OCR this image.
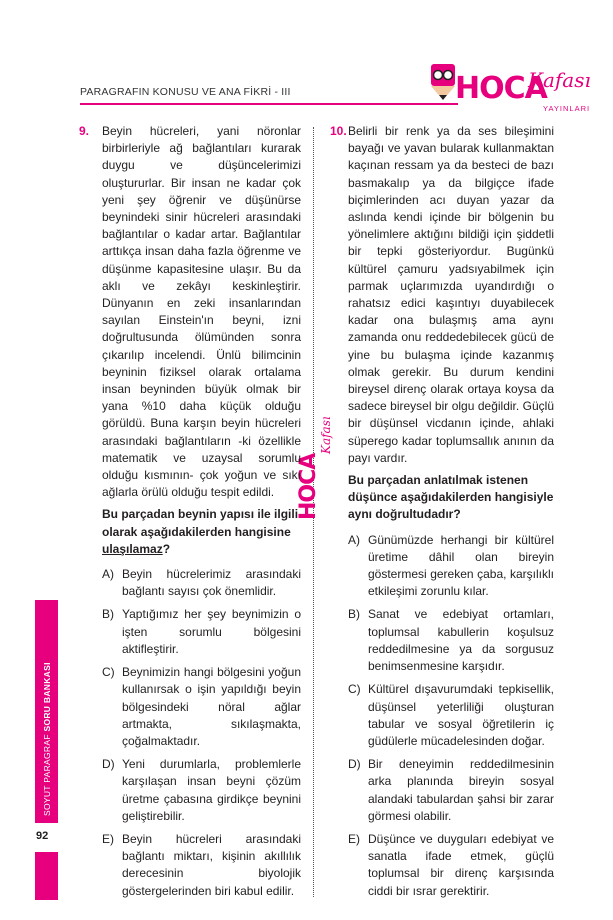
PARAGRAFIN KONUSU VE ANA FİKRİ - III	HOCA
Kafası
YAYINLARI
HOCA
Kafası
9.	Beyin hücreleri, yani nöronlar birbirleriyle ağ bağlantıları kurarak duygu ve düşüncelerimizi oluştururlar. Bir insan ne kadar çok yeni şey öğrenir ve düşünürse beynindeki sinir hücreleri arasındaki bağlantılar o kadar artar. Bağlantılar arttıkça insan daha fazla öğrenme ve düşünme kapasitesine ulaşır. Bu da aklı ve zekâyı keskinleştirir. Dünyanın en zeki insanlarından sayılan Einstein'ın beyni, izni doğrultusunda ölümünden sonra çıkarılıp incelendi. Ünlü bilimcinin beyninin fiziksel olarak ortalama insan beyninden büyük olmak bir yana %10 daha küçük olduğu görüldü. Buna karşın beyin hücreleri arasındaki bağlantıların -ki özellikle matematik ve uzaysal sorumlu olduğu kısmının- çok yoğun ve sıkı ağlarla örülü olduğu tespit edildi.

Bu parçadan beynin yapısı ile ilgili olarak aşağıdakilerden hangisine ulaşılamaz?

A) Beyin hücrelerimiz arasındaki bağlantı sayısı çok önemlidir.
B) Yaptığımız her şey beynimizin o işten sorumlu bölgesini aktifleştirir.
C) Beynimizin hangi bölgesini yoğun kullanırsak o işin yapıldığı beyin bölgesindeki nöral ağlar artmakta, sıkılaşmakta, çoğalmaktadır.
D) Yeni durumlarla, problemlerle karşılaşan insan beyni çözüm üretme çabasına girdikçe beynini geliştirebilir.
E) Beyin hücreleri arasındaki bağlantı miktarı, kişinin akıllılık derecesinin biyolojik göstergelerinden biri kabul edilir.
10. Belirli bir renk ya da ses bileşimini bayağı ve yavan bularak kullanmaktan kaçınan ressam ya da besteci de bazı basmakalıp ya da bilgiçce ifade biçimlerinden acı duyan yazar da aslında kendi içinde bir bölgenin bu yönelimlere aktığını bildiği için şiddetli bir tepki gösteriyordur. Bugünkü kültürel çamuru yadsıyabilmek için parmak uçlarımızda uyandırdığı o rahatsız edici kaşıntıyı duyabilecek kadar ona bulaşmış ama aynı zamanda onu reddedebilecek gücü de yine bu bulaşma içinde kazanmış olmak gerekir. Bu durum kendini bireysel direnç olarak ortaya koysa da sadece bireysel bir olgu değildir. Güçlü bir düşünsel vicdanın içinde, ahlaki süperego kadar toplumsallık anının da payı vardır.

Bu parçadan anlatılmak istenen düşünce aşağıdakilerden hangisiyle aynı doğrultudadır?

A) Günümüzde herhangi bir kültürel üretime dâhil olan bireyin göstermesi gereken çaba, karşılıklı etkileşimi zorunlu kılar.
B) Sanat ve edebiyat ortamları, toplumsal kabullerin koşulsuz reddedilmesine ya da sorgusuz benimsenmesine karşıdır.
C) Kültürel dışavurumdaki tepkisellik, düşünsel yeterliliği oluşturan tabular ve sosyal öğretilerin iç güdülerle mücadelesinden doğar.
D) Bir deneyimin reddedilmesinin arka planında bireyin sosyal alandaki tabulardan şahsi bir zarar görmesi olabilir.
E) Düşünce ve duyguları edebiyat ve sanatla ifade etmek, güçlü toplumsal bir direnç karşısında ciddi bir ısrar gerektirir.
SOYUT PARAGRAF SORU BANKASI
92
